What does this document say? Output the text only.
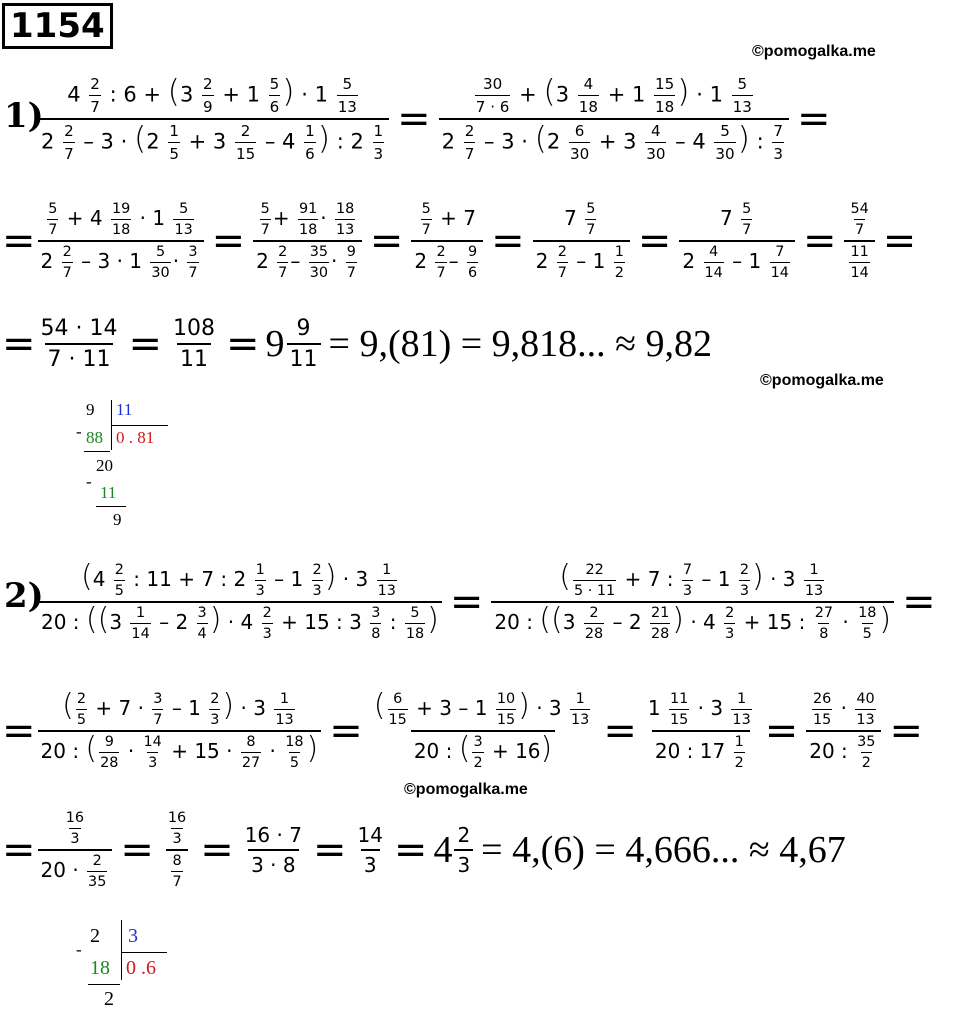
1154
©pomogalka.me
1)
$4 \frac{2}{7}$ : $6 + (3 \frac{2}{9} + 1 \frac{5}{6}$ ) · $1 \frac{5}{13}$
$2 \frac{2}{7} - 3 \cdot (2 \frac{1}{5} + 3 \frac{2}{15} - 4 \frac{1}{6}$ ) : $2 \frac{1}{3}$
=
$\frac{30}{7 \cdot 6} + (3 \frac{4}{18} + 1 \frac{15}{18}$ ) · $1 \frac{5}{13}$
$2 \frac{2}{7} - 3 \cdot (2 \frac{6}{30} + 3 \frac{4}{30} - 4 \frac{5}{30}$ ) : $\frac{7}{3}$
=
= $\frac{\frac{5}{7} + 4 \frac{19}{18} \cdot 1 \frac{5}{13}}{2 \frac{2}{7} - 3 \cdot 1 \frac{5}{30} \cdot \frac{3}{7}} = \frac{\frac{5}{7} + \frac{91}{18} \cdot \frac{18}{13}}{2 \frac{2}{7} - \frac{35}{30} \cdot \frac{9}{7}} = \frac{\frac{5}{7} + 7}{2 \frac{2}{7} - \frac{9}{6}} = \frac{7 \frac{5}{7}}{2 \frac{2}{7} - 1 \frac{1}{2}} = \frac{7 \frac{5}{7}}{2 \frac{4}{14} - 1 \frac{7}{14}} = \frac{\frac{54}{7}}{\frac{11}{14}}$ =
= $\frac{54 \cdot 14}{7 \cdot 11} = \frac{108}{11} = 9 \frac{9}{11} = 9,(81) = 9,818$... ≈ 9,82
©pomogalka.me
-
9 11
88 0 . 81
20
-
11
9
2) ($4 \frac{2}{5}$ : 11 + 7 : $2 \frac{1}{3} - 1 \frac{2}{3}$ ) · $3 \frac{1}{13}$
20 : (($3 \frac{1}{14} - 2 \frac{3}{4}$ ) · $4 \frac{2}{3} + 15$ : $3 \frac{3}{8}$ : $\frac{5}{18}$ ) =
( $\frac{22}{5 \cdot 11} + 7$ : $\frac{7}{3} - 1 \frac{2}{3}$ ) · $3 \frac{1}{13}$
20 : (($3 \frac{2}{28} - 2 \frac{21}{28}$ ) · $4 \frac{2}{3} + 15$ : $\frac{27}{8} \cdot \frac{18}{5}$ ) =
=
( $\frac{2}{5} + 7 \cdot \frac{3}{7} - 1 \frac{2}{3}$ ) · $3 \frac{1}{13}$
20 : ( $\frac{9}{28} \cdot \frac{14}{3} + 15 \cdot \frac{8}{27} \cdot \frac{18}{5}$ ) = $\frac{( \frac{6}{15} + 3 - 1 \frac{10}{15} ) \cdot 3 \frac{1}{13}}{20 : ( \frac{3}{2} + 16)} = \frac{1 \frac{11}{15} \cdot 3 \frac{1}{13}}{20 : 17 \frac{1}{2}} = \frac{\frac{26}{15} \cdot \frac{40}{13}}{20 : \frac{35}{2}}$ =
©pomogalka.me
= $\frac{\frac{16}{3}}{20 \cdot \frac{2}{35}} = \frac{\frac{16}{3}}{\frac{8}{7}} = \frac{16 \cdot 7}{3 \cdot 8} = \frac{14}{3} = 4 \frac{2}{3} = 4,(6) = 4,666$... ≈ 4,67
-
2 3
18 0 .6
2
